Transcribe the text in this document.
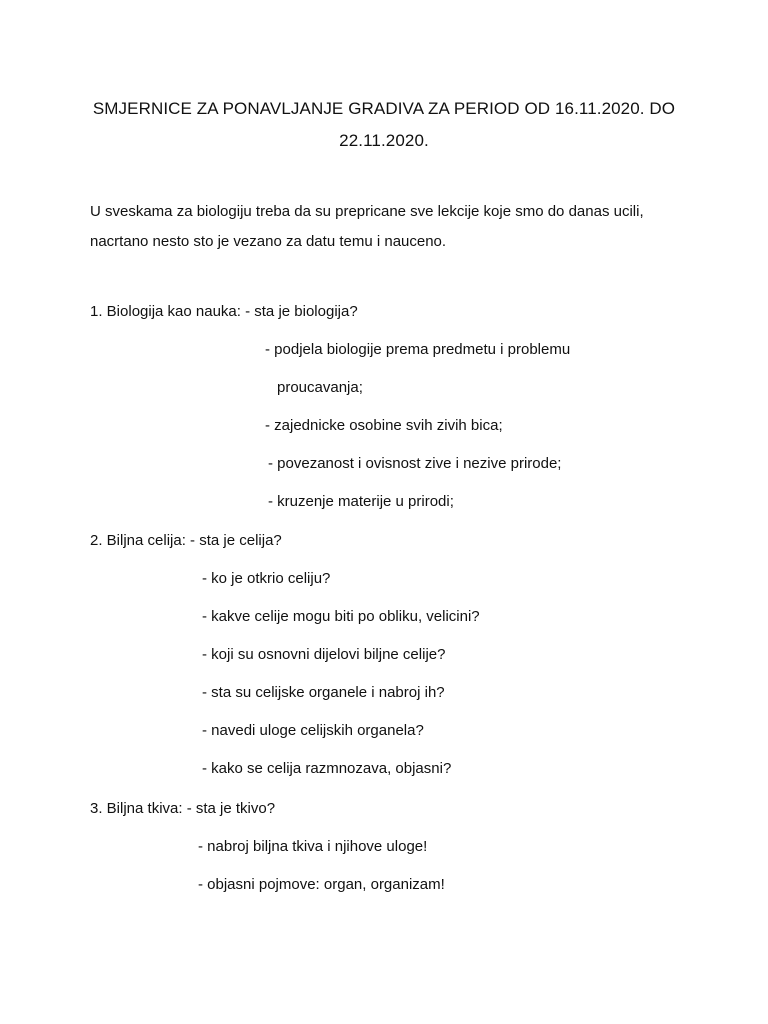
SMJERNICE ZA PONAVLJANJE GRADIVA ZA PERIOD OD 16.11.2020. DO
22.11.2020.
U sveskama za biologiju treba da su prepricane sve lekcije koje smo do danas ucili,
nacrtano nesto sto je vezano za datu temu i nauceno.
1. Biologija kao nauka: - sta je biologija?
- podjela biologije prema predmetu i problemu
proucavanja;
- zajednicke osobine svih zivih bica;
- povezanost i ovisnost zive i nezive prirode;
- kruzenje materije u prirodi;
2. Biljna celija: - sta je celija?
- ko je otkrio celiju?
- kakve celije mogu biti po obliku, velicini?
- koji su osnovni dijelovi biljne celije?
- sta su celijske organele i nabroj ih?
- navedi uloge celijskih organela?
- kako se celija razmnozava, objasni?
3. Biljna tkiva: - sta je tkivo?
- nabroj biljna tkiva i njihove uloge!
- objasni pojmove: organ, organizam!
